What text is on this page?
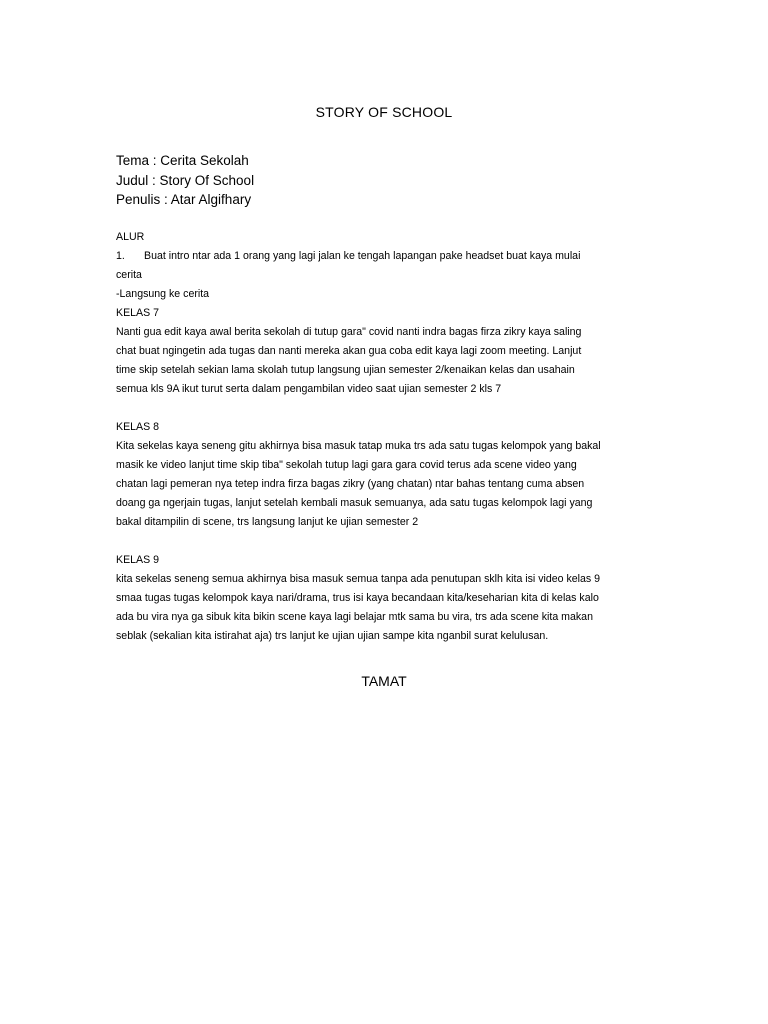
STORY OF SCHOOL
Tema : Cerita Sekolah
Judul : Story Of School
Penulis : Atar Algifhary
ALUR
1. Buat intro ntar ada 1 orang yang lagi jalan ke tengah lapangan pake headset buat kaya mulai
cerita
-Langsung ke cerita
KELAS 7
Nanti gua edit kaya awal berita sekolah di tutup gara" covid nanti indra bagas firza zikry kaya saling
chat buat ngingetin ada tugas dan nanti mereka akan gua coba edit kaya lagi zoom meeting. Lanjut
time skip setelah sekian lama skolah tutup langsung ujian semester 2/kenaikan kelas dan usahain
semua kls 9A ikut turut serta dalam pengambilan video saat ujian semester 2 kls 7
KELAS 8
Kita sekelas kaya seneng gitu akhirnya bisa masuk tatap muka trs ada satu tugas kelompok yang bakal
masik ke video lanjut time skip tiba" sekolah tutup lagi gara gara covid terus ada scene video yang
chatan lagi pemeran nya tetep indra firza bagas zikry (yang chatan) ntar bahas tentang cuma absen
doang ga ngerjain tugas, lanjut setelah kembali masuk semuanya, ada satu tugas kelompok lagi yang
bakal ditampilin di scene, trs langsung lanjut ke ujian semester 2
KELAS 9
kita sekelas seneng semua akhirnya bisa masuk semua tanpa ada penutupan sklh kita isi video kelas 9
smaa tugas tugas kelompok kaya nari/drama, trus isi kaya becandaan kita/keseharian kita di kelas kalo
ada bu vira nya ga sibuk kita bikin scene kaya lagi belajar mtk sama bu vira, trs ada scene kita makan
seblak (sekalian kita istirahat aja) trs lanjut ke ujian ujian sampe kita nganbil surat kelulusan.
TAMAT
